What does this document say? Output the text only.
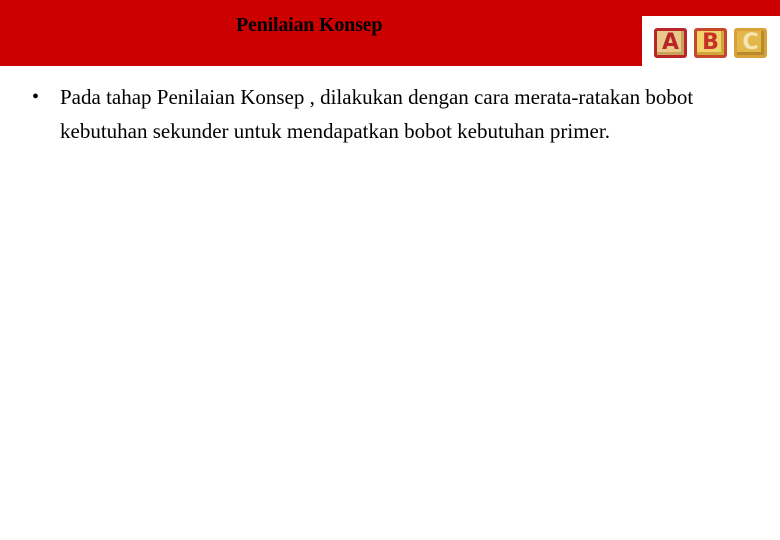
Penilaian Konsep
A B C
• Pada tahap Penilaian Konsep , dilakukan dengan cara merata-ratakan bobot kebutuhan sekunder untuk mendapatkan bobot kebutuhan primer.
